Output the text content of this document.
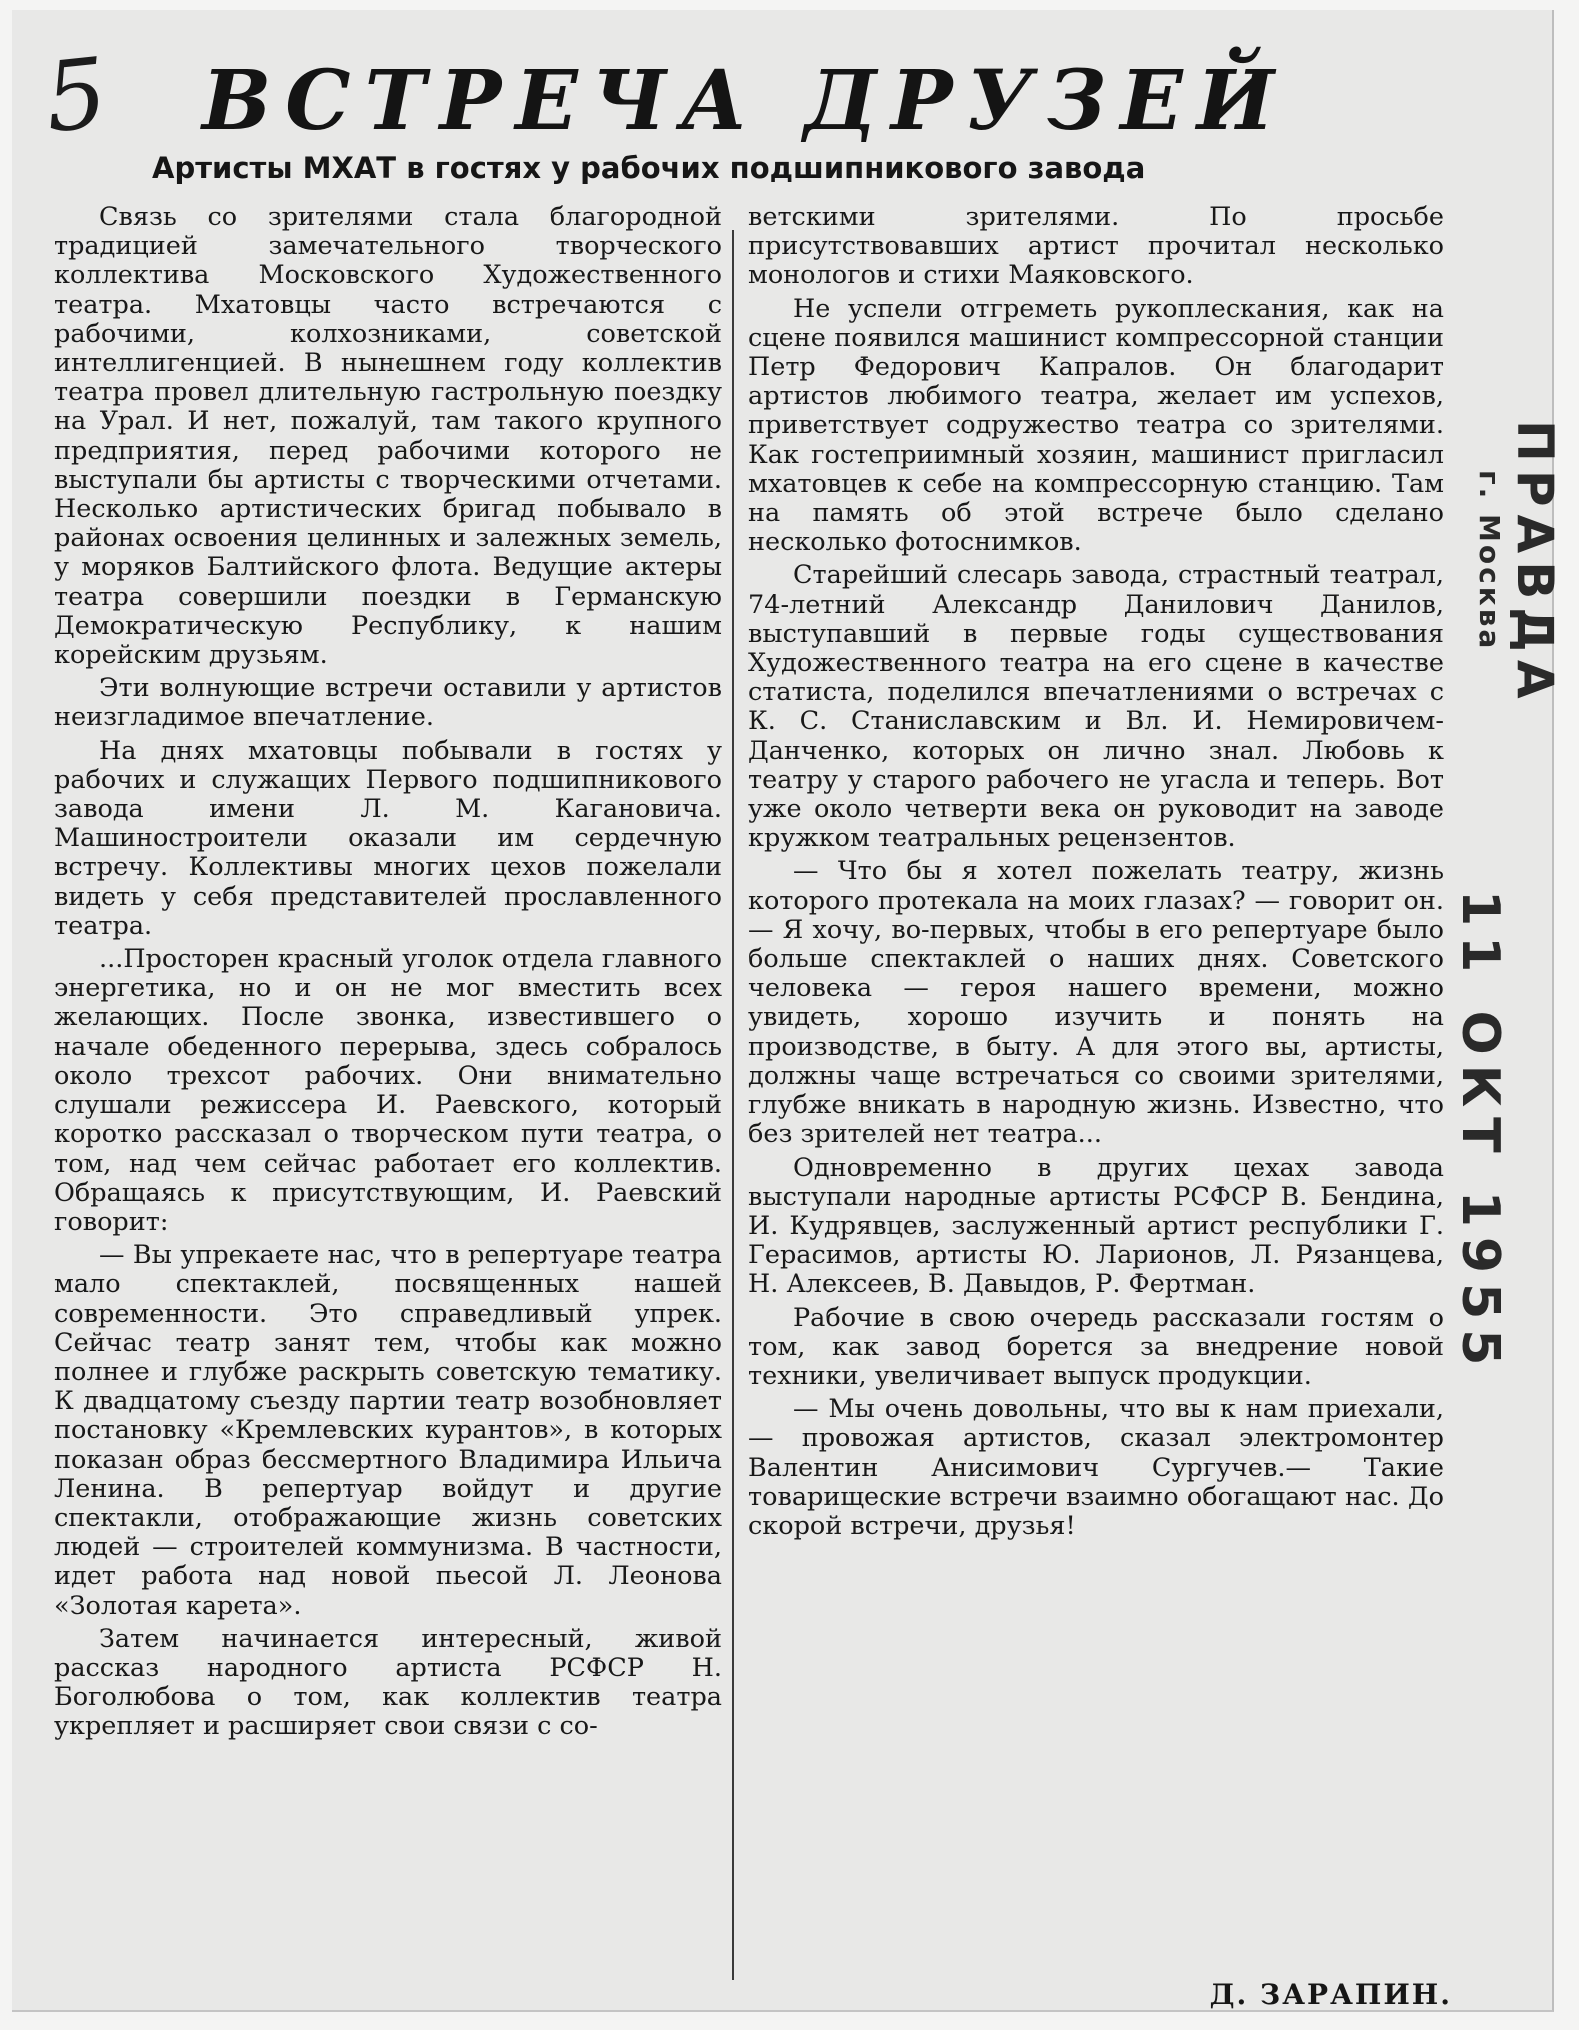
5	ВСТРЕЧА ДРУЗЕЙ
Артисты МХАТ в гостях у рабочих подшипникового завода

Связь со зрителями стала благородной традицией замечательного творческого коллектива Московского Художественного театра. Мхатовцы часто встречаются с рабочими, колхозниками, советской интеллигенцией. В нынешнем году коллектив театра провел длительную гастрольную поездку на Урал. И нет, пожалуй, там такого крупного предприятия, перед рабочими которого не выступали бы артисты с творческими отчетами. Несколько артистических бригад побывало в районах освоения целинных и залежных земель, у моряков Балтийского флота. Ведущие актеры театра совершили поездки в Германскую Демократическую Республику, к нашим корейским друзьям.

Эти волнующие встречи оставили у артистов неизгладимое впечатление.

На днях мхатовцы побывали в гостях у рабочих и служащих Первого подшипникового завода имени Л. М. Кагановича. Машиностроители оказали им сердечную встречу. Коллективы многих цехов пожелали видеть у себя представителей прославленного театра.

...Просторен красный уголок отдела главного энергетика, но и он не мог вместить всех желающих. После звонка, известившего о начале обеденного перерыва, здесь собралось около трехсот рабочих. Они внимательно слушали режиссера И. Раевского, который коротко рассказал о творческом пути театра, о том, над чем сейчас работает его коллектив. Обращаясь к присутствующим, И. Раевский говорит:

— Вы упрекаете нас, что в репертуаре театра мало спектаклей, посвященных нашей современности. Это справедливый упрек. Сейчас театр занят тем, чтобы как можно полнее и глубже раскрыть советскую тематику. К двадцатому съезду партии театр возобновляет постановку «Кремлевских курантов», в которых показан образ бессмертного Владимира Ильича Ленина. В репертуар войдут и другие спектакли, отображающие жизнь советских людей — строителей коммунизма. В частности, идет работа над новой пьесой Л. Леонова «Золотая карета».

Затем начинается интересный, живой рассказ народного артиста РСФСР Н. Боголюбова о том, как коллектив театра укрепляет и расширяет свои связи с со-

ветскими зрителями. По просьбе присутствовавших артист прочитал несколько монологов и стихи Маяковского.

Не успели отгреметь рукоплескания, как на сцене появился машинист компрессорной станции Петр Федорович Капралов. Он благодарит артистов любимого театра, желает им успехов, приветствует содружество театра со зрителями. Как гостеприимный хозяин, машинист пригласил мхатовцев к себе на компрессорную станцию. Там на память об этой встрече было сделано несколько фотоснимков.

Старейший слесарь завода, страстный театрал, 74-летний Александр Данилович Данилов, выступавший в первые годы существования Художественного театра на его сцене в качестве статиста, поделился впечатлениями о встречах с К. С. Станиславским и Вл. И. Немировичем-Данченко, которых он лично знал. Любовь к театру у старого рабочего не угасла и теперь. Вот уже около четверти века он руководит на заводе кружком театральных рецензентов.

— Что бы я хотел пожелать театру, жизнь которого протекала на моих глазах? — говорит он. — Я хочу, во-первых, чтобы в его репертуаре было больше спектаклей о наших днях. Советского человека — героя нашего времени, можно увидеть, хорошо изучить и понять на производстве, в быту. А для этого вы, артисты, должны чаще встречаться со своими зрителями, глубже вникать в народную жизнь. Известно, что без зрителей нет театра...

Одновременно в других цехах завода выступали народные артисты РСФСР В. Бендина, И. Кудрявцев, заслуженный артист республики Г. Герасимов, артисты Ю. Ларионов, Л. Рязанцева, Н. Алексеев, В. Давыдов, Р. Фертман.

Рабочие в свою очередь рассказали гостям о том, как завод борется за внедрение новой техники, увеличивает выпуск продукции.

— Мы очень довольны, что вы к нам приехали,— провожая артистов, сказал электромонтер Валентин Анисимович Сургучев.— Такие товарищеские встречи взаимно обогащают нас. До скорой встречи, друзья!

Д. ЗАРАПИН.
ПРАВДА
г. Москва
11 ОКТ 1955
